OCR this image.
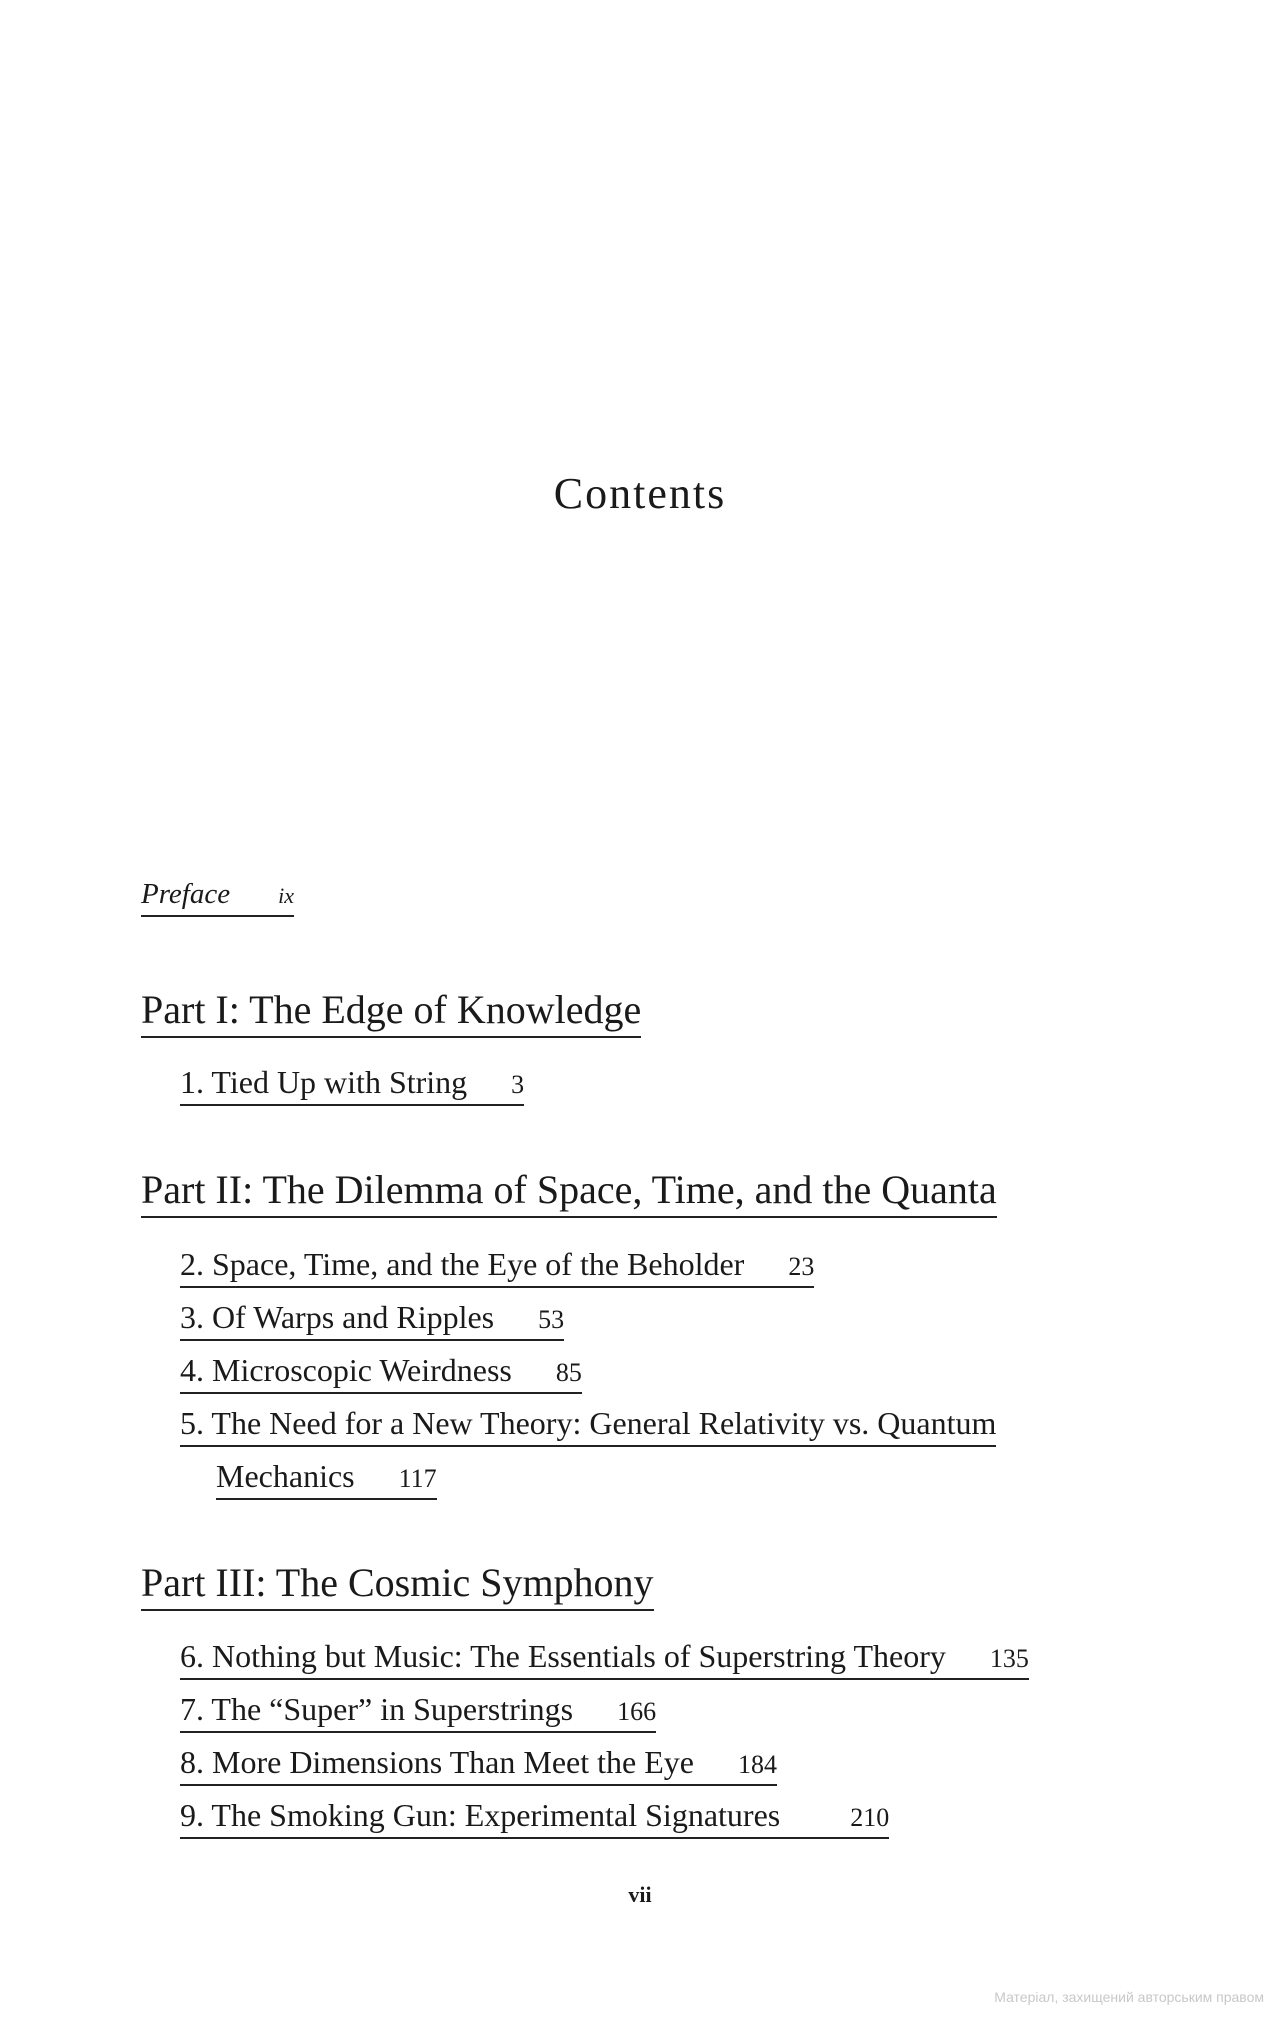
Contents
Preface ix
Part I: The Edge of Knowledge
1. Tied Up with String 3
Part II: The Dilemma of Space, Time, and the Quanta
2. Space, Time, and the Eye of the Beholder 23
3. Of Warps and Ripples 53
4. Microscopic Weirdness 85
5. The Need for a New Theory: General Relativity vs. Quantum
Mechanics 117
Part III: The Cosmic Symphony
6. Nothing but Music: The Essentials of Superstring Theory 135
7. The “Super” in Superstrings 166
8. More Dimensions Than Meet the Eye 184
9. The Smoking Gun: Experimental Signatures	210
vii
Матеріал, захищений авторським правом
